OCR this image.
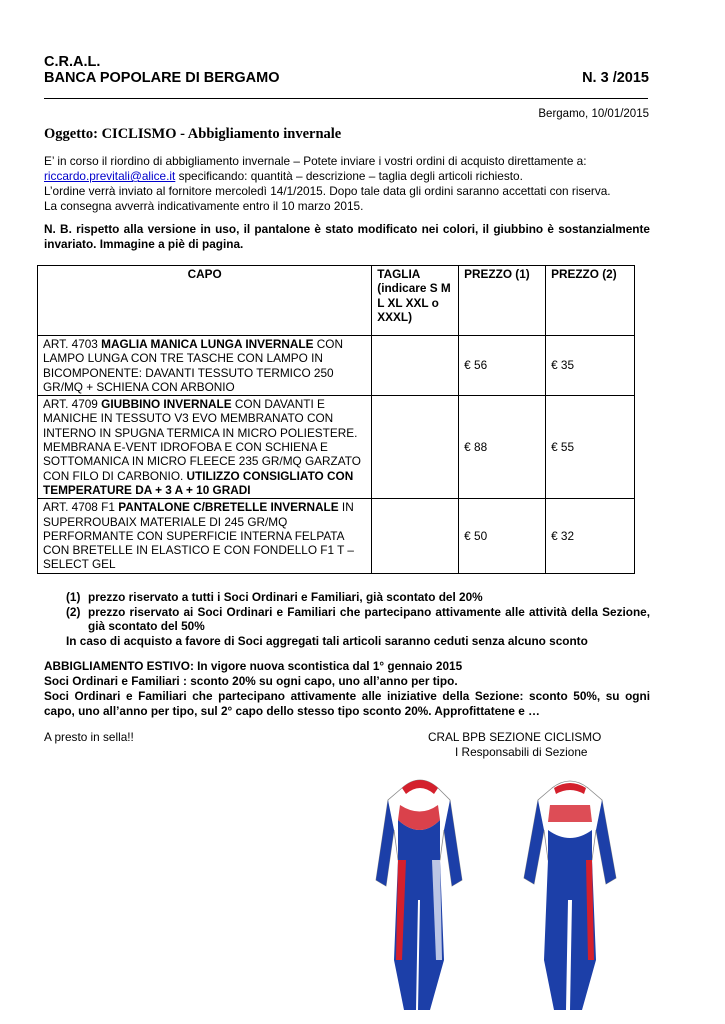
C.R.A.L.
BANCA POPOLARE DI BERGAMO	N. 3 /2015
Bergamo, 10/01/2015
Oggetto: CICLISMO - Abbigliamento invernale

E’ in corso il riordino di abbigliamento invernale – Potete inviare i vostri ordini di acquisto direttamente a:

riccardo.previtali@alice.it specificando: quantità – descrizione – taglia degli articoli richiesto.

L’ordine verrà inviato al fornitore mercoledì 14/1/2015. Dopo tale data gli ordini saranno accettati con riserva.

La consegna avverrà indicativamente entro il 10 marzo 2015.

N. B. rispetto alla versione in uso, il pantalone è stato modificato nei colori, il giubbino è sostanzialmente invariato. Immagine a piè di pagina.
CAPO	TAGLIA (indicare S M L XL XXL o XXXL)	PREZZO (1)	PREZZO (2)
ART. 4703 MAGLIA MANICA LUNGA INVERNALE CON LAMPO LUNGA CON TRE TASCHE CON LAMPO IN BICOMPONENTE: DAVANTI TESSUTO TERMICO 250 GR/MQ + SCHIENA CON ARBONIO		€ 56	€ 35
ART. 4709 GIUBBINO INVERNALE CON DAVANTI E MANICHE IN TESSUTO V3 EVO MEMBRANATO CON INTERNO IN SPUGNA TERMICA IN MICRO POLIESTERE. MEMBRANA E-VENT IDROFOBA E CON SCHIENA E SOTTOMANICA IN MICRO FLEECE 235 GR/MQ GARZATO CON FILO DI CARBONIO. UTILIZZO CONSIGLIATO CON TEMPERATURE DA + 3 A + 10 GRADI		€ 88	€ 55
ART. 4708 F1 PANTALONE C/BRETELLE INVERNALE IN SUPERROUBAIX MATERIALE DI 245 GR/MQ PERFORMANTE CON SUPERFICIE INTERNA FELPATA CON BRETELLE IN ELASTICO E CON FONDELLO F1 T – SELECT GEL		€ 50	€ 32
(1) prezzo riservato a tutti i Soci Ordinari e Familiari, già scontato del 20%
(2) prezzo riservato ai Soci Ordinari e Familiari che partecipano attivamente alle attività della Sezione, già scontato del 50%
In caso di acquisto a favore di Soci aggregati tali articoli saranno ceduti senza alcuno sconto
ABBIGLIAMENTO ESTIVO: In vigore nuova scontistica dal 1° gennaio 2015
Soci Ordinari e Familiari : sconto 20% su ogni capo, uno all’anno per tipo.
Soci Ordinari e Familiari che partecipano attivamente alle iniziative della Sezione: sconto 50%, su ogni capo, uno all’anno per tipo, sul 2° capo dello stesso tipo sconto 20%. Approfittatene e …
A presto in sella!!	CRAL BPB SEZIONE CICLISMO
I Responsabili di Sezione
